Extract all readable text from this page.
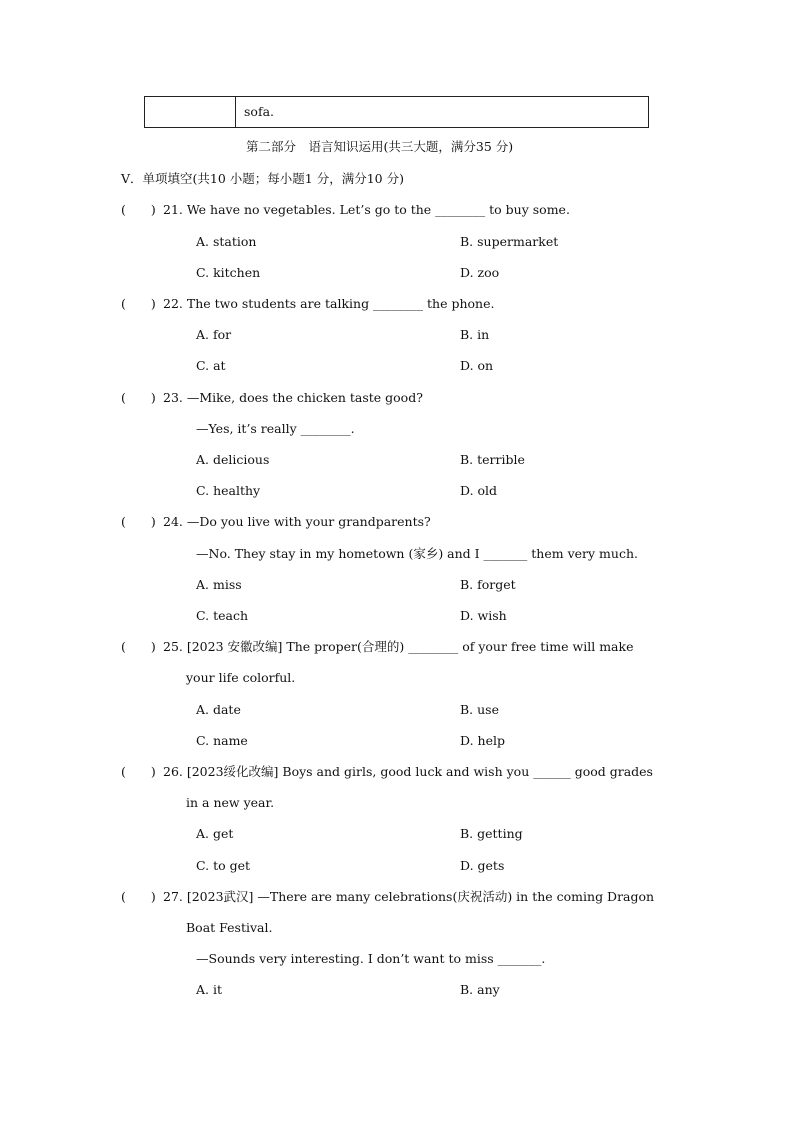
sofa.
第二部分　语言知识运用(共三大题，满分35 分)
V．单项填空(共10 小题；每小题1 分，满分10 分)
(　　) 21. We have no vegetables. Let’s go to the ________ to buy some.
A. station	B. supermarket
C. kitchen	D. zoo
(　　) 22. The two students are talking ________ the phone.
A. for	B. in
C. at	D. on
(　　) 23. —Mike, does the chicken taste good?
—Yes, it’s really ________.
A. delicious	B. terrible
C. healthy	D. old
(　　) 24. —Do you live with your grandparents?
—No. They stay in my hometown (家乡) and I _______ them very much.
A. miss	B. forget
C. teach	D. wish
(　　) 25. [2023 安徽改编] The proper(合理的) ________ of your free time will make
your life colorful.
A. date	B. use
C. name	D. help
(　　) 26. [2023绥化改编] Boys and girls, good luck and wish you ______ good grades
in a new year.
A. get	B. getting
C. to get	D. gets
(　　) 27. [2023武汉] —There are many celebrations(庆祝活动) in the coming Dragon
Boat Festival.
—Sounds very interesting. I don’t want to miss _______.
A. it	B. any
